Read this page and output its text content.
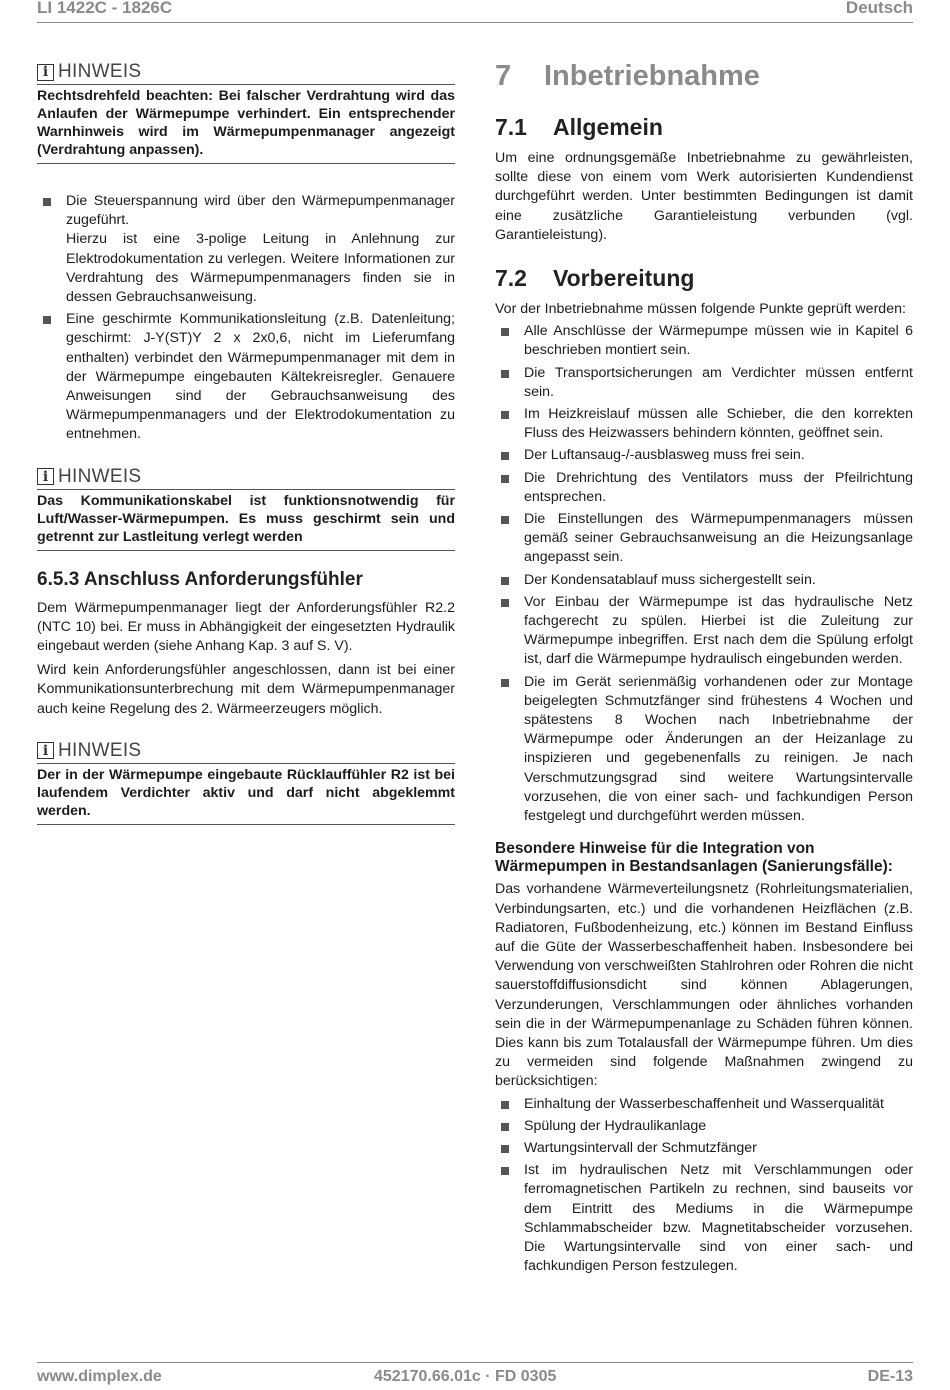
LI 1422C - 1826C	Deutsch
i HINWEIS
Rechtsdrehfeld beachten: Bei falscher Verdrahtung wird das Anlaufen der Wärmepumpe verhindert. Ein entsprechender Warnhinweis wird im Wärmepumpenmanager angezeigt (Verdrahtung anpassen).
Die Steuerspannung wird über den Wärmepumpenmanager zugeführt.
Hierzu ist eine 3-polige Leitung in Anlehnung zur Elektrodokumentation zu verlegen. Weitere Informationen zur Verdrahtung des Wärmepumpenmanagers finden sie in dessen Gebrauchsanweisung.
Eine geschirmte Kommunikationsleitung (z.B. Datenleitung; geschirmt: J-Y(ST)Y 2 x 2x0,6, nicht im Lieferumfang enthalten) verbindet den Wärmepumpenmanager mit dem in der Wärmepumpe eingebauten Kältekreisregler. Genauere Anweisungen sind der Gebrauchsanweisung des Wärmepumpenmanagers und der Elektrodokumentation zu entnehmen.
i HINWEIS
Das Kommunikationskabel ist funktionsnotwendig für Luft/Wasser-Wärmepumpen. Es muss geschirmt sein und getrennt zur Lastleitung verlegt werden
6.5.3 Anschluss Anforderungsfühler

Dem Wärmepumpenmanager liegt der Anforderungsfühler R2.2 (NTC 10) bei. Er muss in Abhängigkeit der eingesetzten Hydraulik eingebaut werden (siehe Anhang Kap. 3 auf S. V).

Wird kein Anforderungsfühler angeschlossen, dann ist bei einer Kommunikationsunterbrechung mit dem Wärmepumpenmanager auch keine Regelung des 2. Wärmeerzeugers möglich.

i HINWEIS
Der in der Wärmepumpe eingebaute Rücklauffühler R2 ist bei laufendem Verdichter aktiv und darf nicht abgeklemmt werden.
7 Inbetriebnahme
7.1 Allgemein

Um eine ordnungsgemäße Inbetriebnahme zu gewährleisten, sollte diese von einem vom Werk autorisierten Kundendienst durchgeführt werden. Unter bestimmten Bedingungen ist damit eine zusätzliche Garantieleistung verbunden (vgl. Garantieleistung).

7.2 Vorbereitung

Vor der Inbetriebnahme müssen folgende Punkte geprüft werden:

Alle Anschlüsse der Wärmepumpe müssen wie in Kapitel 6 beschrieben montiert sein.
Die Transportsicherungen am Verdichter müssen entfernt sein.
Im Heizkreislauf müssen alle Schieber, die den korrekten Fluss des Heizwassers behindern könnten, geöffnet sein.
Der Luftansaug-/-ausblasweg muss frei sein.
Die Drehrichtung des Ventilators muss der Pfeilrichtung entsprechen.
Die Einstellungen des Wärmepumpenmanagers müssen gemäß seiner Gebrauchsanweisung an die Heizungsanlage angepasst sein.
Der Kondensatablauf muss sichergestellt sein.
Vor Einbau der Wärmepumpe ist das hydraulische Netz fachgerecht zu spülen. Hierbei ist die Zuleitung zur Wärmepumpe inbegriffen. Erst nach dem die Spülung erfolgt ist, darf die Wärmepumpe hydraulisch eingebunden werden.
Die im Gerät serienmäßig vorhandenen oder zur Montage beigelegten Schmutzfänger sind frühestens 4 Wochen und spätestens 8 Wochen nach Inbetriebnahme der Wärmepumpe oder Änderungen an der Heizanlage zu inspizieren und gegebenenfalls zu reinigen. Je nach Verschmutzungsgrad sind weitere Wartungsintervalle vorzusehen, die von einer sach- und fachkundigen Person festgelegt und durchgeführt werden müssen.
Besondere Hinweise für die Integration von Wärmepumpen in Bestandsanlagen (Sanierungsfälle):

Das vorhandene Wärmeverteilungsnetz (Rohrleitungsmaterialien, Verbindungsarten, etc.) und die vorhandenen Heizflächen (z.B. Radiatoren, Fußbodenheizung, etc.) können im Bestand Einfluss auf die Güte der Wasserbeschaffenheit haben. Insbesondere bei Verwendung von verschweißten Stahlrohren oder Rohren die nicht sauerstoffdiffusionsdicht sind können Ablagerungen, Verzunderungen, Verschlammungen oder ähnliches vorhanden sein die in der Wärmepumpenanlage zu Schäden führen können. Dies kann bis zum Totalausfall der Wärmepumpe führen. Um dies zu vermeiden sind folgende Maßnahmen zwingend zu berücksichtigen:

Einhaltung der Wasserbeschaffenheit und Wasserqualität
Spülung der Hydraulikanlage
Wartungsintervall der Schmutzfänger
Ist im hydraulischen Netz mit Verschlammungen oder ferromagnetischen Partikeln zu rechnen, sind bauseits vor dem Eintritt des Mediums in die Wärmepumpe Schlammabscheider bzw. Magnetitabscheider vorzusehen. Die Wartungsintervalle sind von einer sach- und fachkundigen Person festzulegen.
www.dimplex.de	452170.66.01c · FD 0305	DE-13
